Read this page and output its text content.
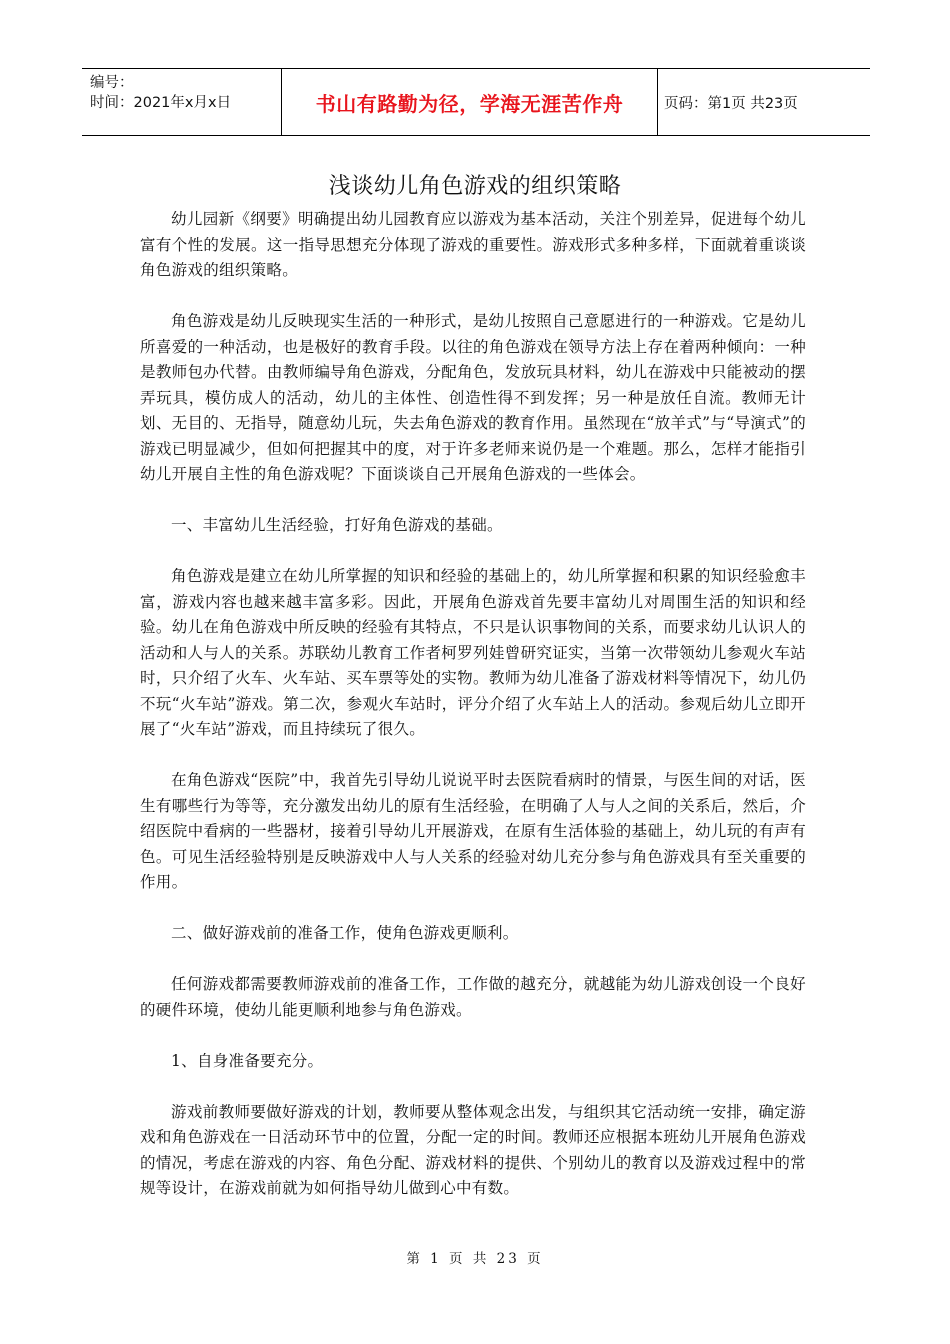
编号：
时间：2021年x月x日	书山有路勤为径，学海无涯苦作舟	页码：第1页 共23页
浅谈幼儿角色游戏的组织策略

幼儿园新《纲要》明确提出幼儿园教育应以游戏为基本活动，关注个别差异，促进每个幼儿富有个性的发展。这一指导思想充分体现了游戏的重要性。游戏形式多种多样，下面就着重谈谈角色游戏的组织策略。

角色游戏是幼儿反映现实生活的一种形式，是幼儿按照自己意愿进行的一种游戏。它是幼儿所喜爱的一种活动，也是极好的教育手段。以往的角色游戏在领导方法上存在着两种倾向：一种是教师包办代替。由教师编导角色游戏，分配角色，发放玩具材料，幼儿在游戏中只能被动的摆弄玩具，模仿成人的活动，幼儿的主体性、创造性得不到发挥；另一种是放任自流。教师无计划、无目的、无指导，随意幼儿玩，失去角色游戏的教育作用。虽然现在“放羊式”与“导演式”的游戏已明显减少，但如何把握其中的度，对于许多老师来说仍是一个难题。那么，怎样才能指引幼儿开展自主性的角色游戏呢？下面谈谈自己开展角色游戏的一些体会。

一、丰富幼儿生活经验，打好角色游戏的基础。

角色游戏是建立在幼儿所掌握的知识和经验的基础上的，幼儿所掌握和积累的知识经验愈丰富，游戏内容也越来越丰富多彩。因此，开展角色游戏首先要丰富幼儿对周围生活的知识和经验。幼儿在角色游戏中所反映的经验有其特点，不只是认识事物间的关系，而要求幼儿认识人的活动和人与人的关系。苏联幼儿教育工作者柯罗列娃曾研究证实，当第一次带领幼儿参观火车站时，只介绍了火车、火车站、买车票等处的实物。教师为幼儿准备了游戏材料等情况下，幼儿仍不玩“火车站”游戏。第二次，参观火车站时，评分介绍了火车站上人的活动。参观后幼儿立即开展了“火车站”游戏，而且持续玩了很久。

在角色游戏“医院”中，我首先引导幼儿说说平时去医院看病时的情景，与医生间的对话，医生有哪些行为等等，充分激发出幼儿的原有生活经验，在明确了人与人之间的关系后，然后，介绍医院中看病的一些器材，接着引导幼儿开展游戏，在原有生活体验的基础上，幼儿玩的有声有色。可见生活经验特别是反映游戏中人与人关系的经验对幼儿充分参与角色游戏具有至关重要的作用。

二、做好游戏前的准备工作，使角色游戏更顺利。

任何游戏都需要教师游戏前的准备工作，工作做的越充分，就越能为幼儿游戏创设一个良好的硬件环境，使幼儿能更顺利地参与角色游戏。

1、自身准备要充分。

游戏前教师要做好游戏的计划，教师要从整体观念出发，与组织其它活动统一安排，确定游戏和角色游戏在一日活动环节中的位置，分配一定的时间。教师还应根据本班幼儿开展角色游戏的情况，考虑在游戏的内容、角色分配、游戏材料的提供、个别幼儿的教育以及游戏过程中的常规等设计，在游戏前就为如何指导幼儿做到心中有数。

第 1 页 共 23 页
